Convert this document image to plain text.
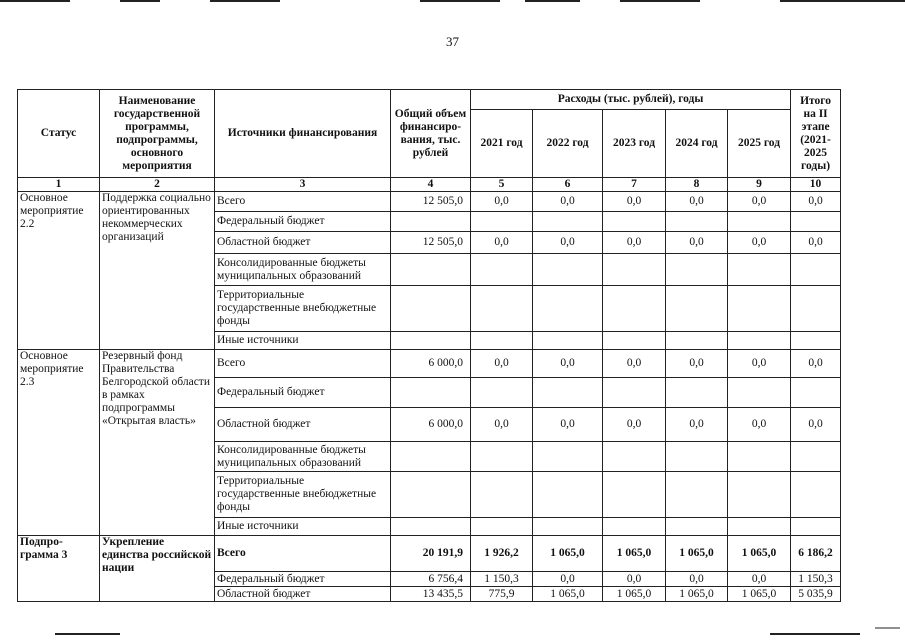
37
Статус	Наименование государственной программы, подпрограммы, основного мероприятия	Источники финансирования	Общий объем финансиро-вания, тыс. рублей	Расходы (тыс. рублей), годы					Итого на II этапе (2021-2025 годы)
				2021 год	2022 год	2023 год	2024 год	2025 год	
1	2	3	4	5	6	7	8	9	10
Основное мероприятие 2.2	Поддержка социально ориентированных некоммерческих организаций	Всего	12 505,0	0,0	0,0	0,0	0,0	0,0	0,0
		Федеральный бюджет							
		Областной бюджет	12 505,0	0,0	0,0	0,0	0,0	0,0	0,0
		Консолидированные бюджеты муниципальных образований							
		Территориальные государственные внебюджетные фонды							
		Иные источники							
Основное мероприятие 2.3	Резервный фонд Правительства Белгородской области в рамках подпрограммы «Открытая власть»	Всего	6 000,0	0,0	0,0	0,0	0,0	0,0	0,0
		Федеральный бюджет							
		Областной бюджет	6 000,0	0,0	0,0	0,0	0,0	0,0	0,0
		Консолидированные бюджеты муниципальных образований							
		Территориальные государственные внебюджетные фонды							
		Иные источники							
Подпро-грамма 3	Укрепление единства российской нации	Всего	20 191,9	1 926,2	1 065,0	1 065,0	1 065,0	1 065,0	6 186,2
		Федеральный бюджет	6 756,4	1 150,3	0,0	0,0	0,0	0,0	1 150,3
		Областной бюджет	13 435,5	775,9	1 065,0	1 065,0	1 065,0	1 065,0	5 035,9
